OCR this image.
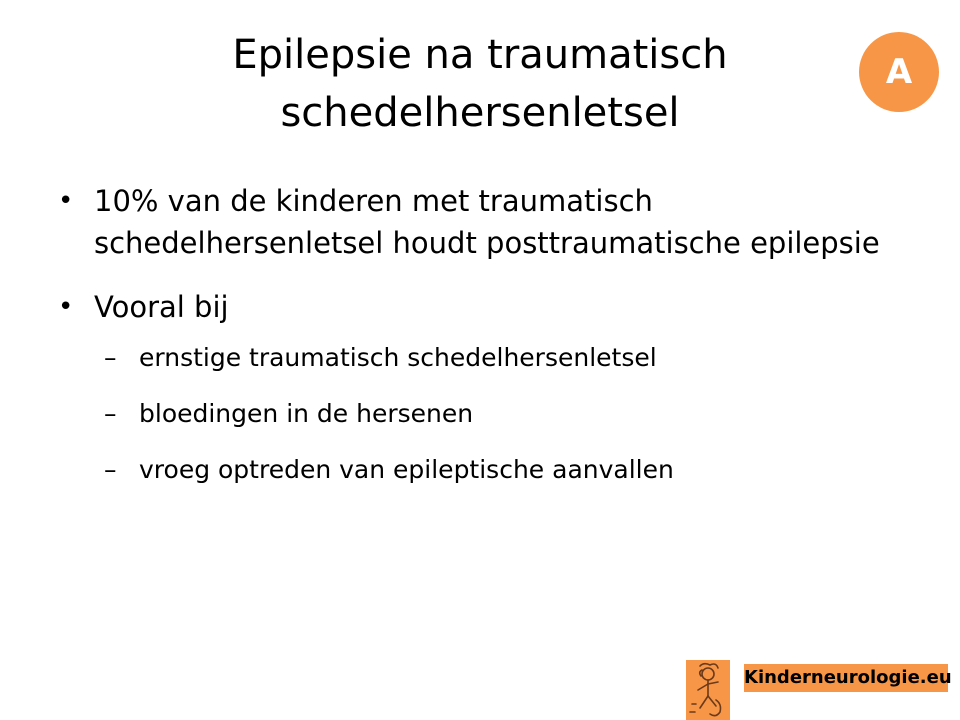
Epilepsie na traumatisch
schedelhersenletsel
A
• 10% van de kinderen met traumatisch schedelhersenletsel houdt posttraumatische epilepsie
• Vooral bij
– ernstige traumatisch schedelhersenletsel
– bloedingen in de hersenen
– vroeg optreden van epileptische aanvallen
Kinderneurologie.eu
